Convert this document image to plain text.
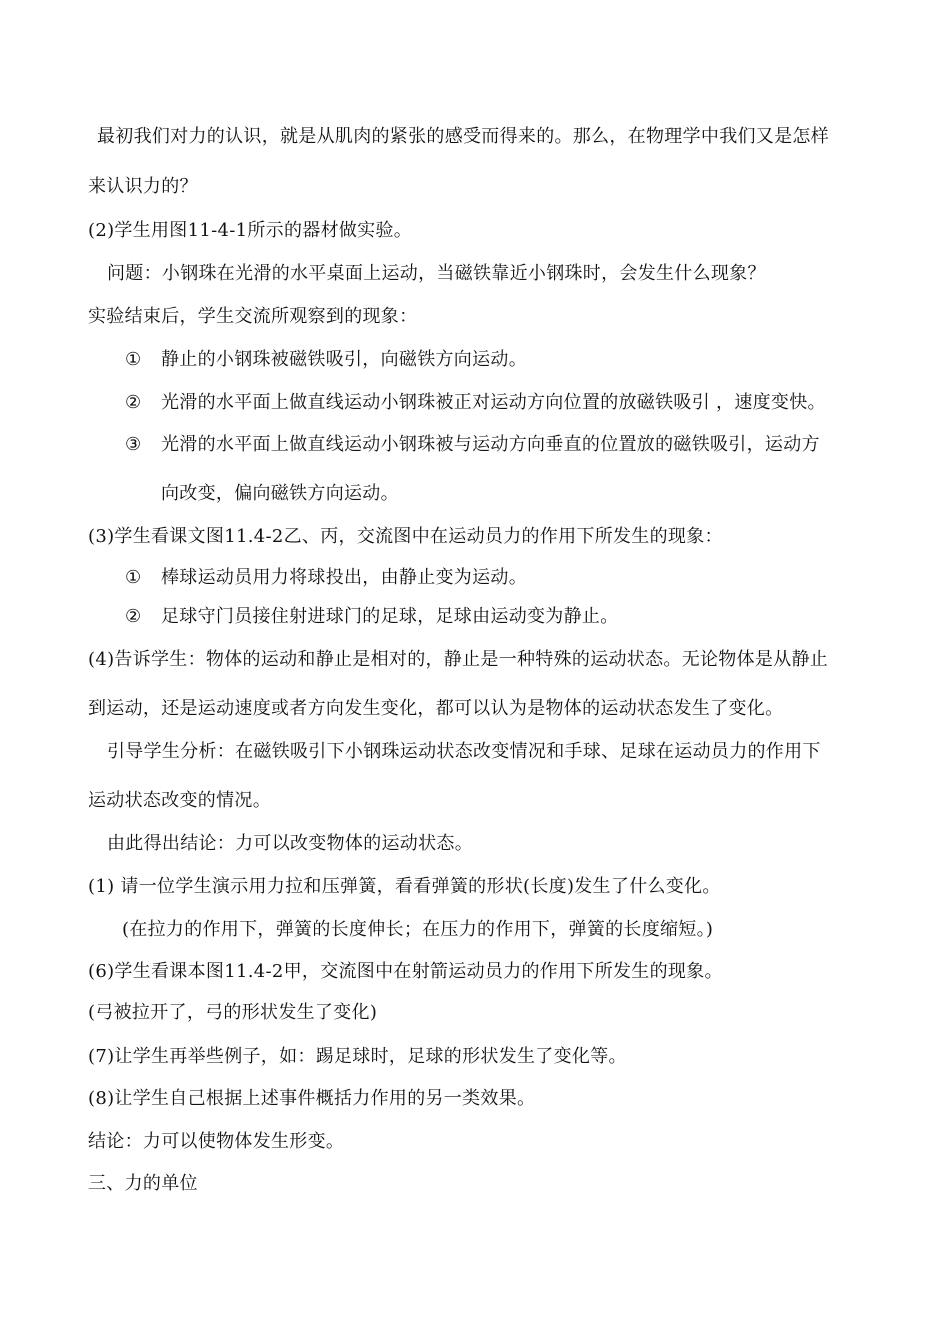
最初我们对力的认识，就是从肌肉的紧张的感受而得来的。那么，在物理学中我们又是怎样
来认识力的？
(2)学生用图11-4-1所示的器材做实验。
问题：小钢珠在光滑的水平桌面上运动，当磁铁靠近小钢珠时，会发生什么现象？
实验结束后，学生交流所观察到的现象：
① 静止的小钢珠被磁铁吸引，向磁铁方向运动。
② 光滑的水平面上做直线运动小钢珠被正对运动方向位置的放磁铁吸引 ，速度变快。
③ 光滑的水平面上做直线运动小钢珠被与运动方向垂直的位置放的磁铁吸引，运动方
向改变，偏向磁铁方向运动。
(3)学生看课文图11.4-2乙、丙，交流图中在运动员力的作用下所发生的现象：
① 棒球运动员用力将球投出，由静止变为运动。
② 足球守门员接住射进球门的足球，足球由运动变为静止。
(4)告诉学生：物体的运动和静止是相对的，静止是一种特殊的运动状态。无论物体是从静止
到运动，还是运动速度或者方向发生变化，都可以认为是物体的运动状态发生了变化。
引导学生分析：在磁铁吸引下小钢珠运动状态改变情况和手球、足球在运动员力的作用下
运动状态改变的情况。
由此得出结论：力可以改变物体的运动状态。
(1) 请一位学生演示用力拉和压弹簧，看看弹簧的形状(长度)发生了什么变化。
(在拉力的作用下，弹簧的长度伸长；在压力的作用下，弹簧的长度缩短。)
(6)学生看课本图11.4-2甲，交流图中在射箭运动员力的作用下所发生的现象。
(弓被拉开了，弓的形状发生了变化)
(7)让学生再举些例子，如：踢足球时，足球的形状发生了变化等。
(8)让学生自己根据上述事件概括力作用的另一类效果。
结论：力可以使物体发生形变。
三、力的单位
